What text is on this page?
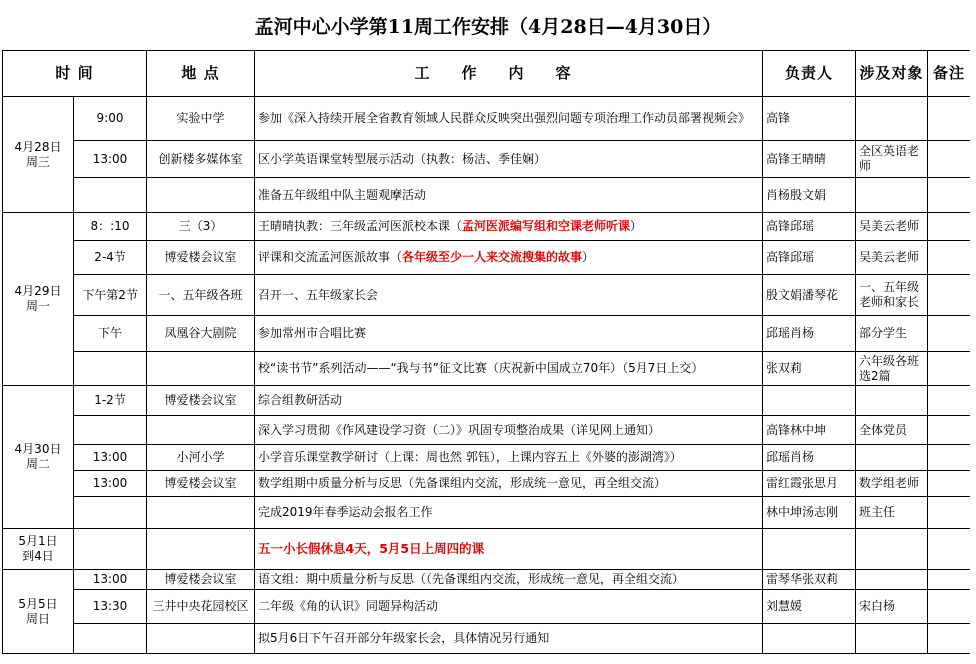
孟河中心小学第11周工作安排（4月28日—4月30日）
时 间		地 点	工作内容	负责人	涉及对象	备注

4月28日
周三	9:00	实验中学	参加《深入持续开展全省教育领域人民群众反映突出强烈问题专项治理工作动员部署视频会》	高锋		
	13:00	创新楼多媒体室	区小学英语课堂转型展示活动（执教：杨洁、季佳娴）	高锋王晴晴	全区英语老师	
			准备五年级组中队主题观摩活动	肖杨殷文娟		

4月29日
周一	8：:10	三（3）	王晴晴执教：三年级孟河医派校本课（孟河医派编写组和空课老师听课）	高锋邱瑶	吴美云老师	
	2-4节	博爱楼会议室	评课和交流孟河医派故事（各年级至少一人来交流搜集的故事）	高锋邱瑶	吴美云老师	
	下午第2节	一、五年级各班	召开一、五年级家长会	殷文娟潘琴花	一、五年级老师和家长	
	下午	凤凰谷大剧院	参加常州市合唱比赛	邱瑶肖杨	部分学生	
			校“读书节”系列活动——“我与书”征文比赛（庆祝新中国成立70年）（5月7日上交）	张双莉	六年级各班选2篇	

4月30日
周二	1-2节	博爱楼会议室	综合组教研活动			
			深入学习贯彻《作风建设学习资（二）》巩固专项整治成果（详见网上通知）	高锋林中坤	全体党员	
	13:00	小河小学	小学音乐课堂教学研讨（上课：周也然 郭钰），上课内容五上《外婆的澎湖湾》）	邱瑶肖杨		
	13:00	博爱楼会议室	数学组期中质量分析与反思（先备课组内交流，形成统一意见，再全组交流）	雷红霞张思月	数学组老师	
			完成2019年春季运动会报名工作	林中坤汤志刚	班主任	

5月1日
到4日			五一小长假休息4天，5月5日上周四的课			

5月5日
周日	13:00	博爱楼会议室	语文组：期中质量分析与反思（（先备课组内交流，形成统一意见，再全组交流）	雷琴华张双莉		
	13:30	三井中央花园校区	二年级《角的认识》同题异构活动	刘慧媛	宋白杨	
			拟5月6日下午召开部分年级家长会，具体情况另行通知			
